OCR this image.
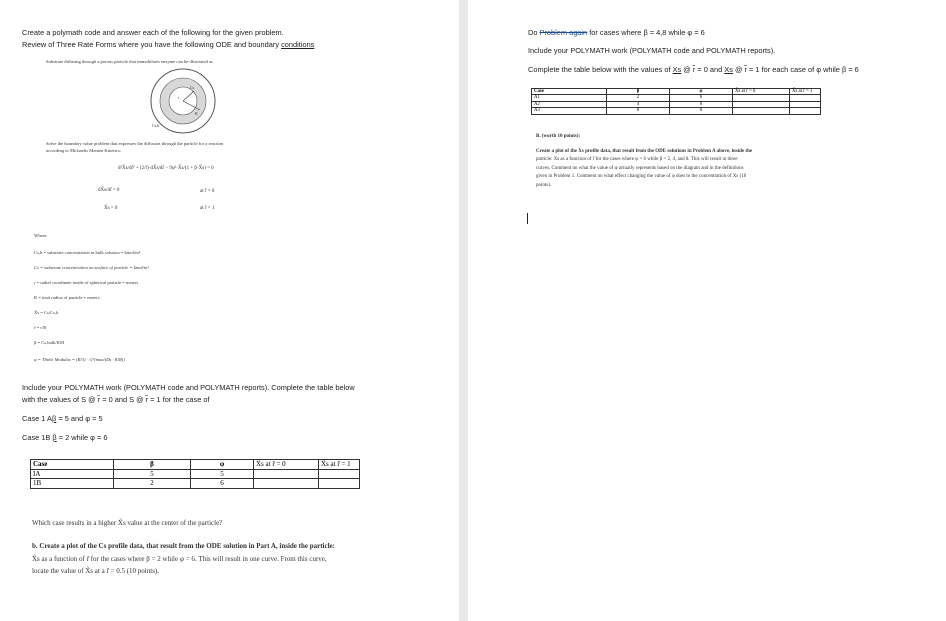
Create a polymath code and answer each of the following for the given problem.
Review of Three Rate Forms where you have the following ODE and boundary conditions
Substrate diffusing through a porous particle that immobilizes enzyme can be illustrated as
Cs
r
R
Cs,b
Solve the boundary value problem that expresses the diffusion through the particle for a reaction
according to Michaelis Menten Kinetics:
d²X̃s/dr̃² + (2/r̃)·dX̃s/dr̃ − 9φ²·X̃s/(1 + β·X̃s) = 0
dX̃s/dr̃ = 0	at r̃ = 0
X̃s = 0	at r̃ = 1
Where:
Cs,b = substrate concentration in bulk solution = kmol/m³
Cs = substrate concentration on surface of particle = kmol/m³
r = radial coordinate inside of spherical particle = meters
R = total radius of particle = meters
X̃s = Cs/Cs,b
r̃ = r/R
β = Cs,bulk/KM
φ = Thiele Modulus = (R/3) · √(Vmax/(Ds · KM))
Include your POLYMATH work (POLYMATH code and POLYMATH reports). Complete the table below
with the values of S @ r̃ = 0 and S @ r̃ = 1 for the case of
Case 1 Aβ = 5 and φ = 5
Case 1B β = 2 while φ = 6
Case	β	φ	X̃s at r̃ = 0	X̃s at r̃ = 1
IA	5	5		
1B	2	6		
Which case results in a higher X̃s value at the center of the particle?
b. Create a plot of the Cs profile data, that result from the ODE solution in Part A, inside the particle:
X̃s as a function of r̃ for the cases where β = 2 while φ = 6. This will result in one curve. From this curve,
locate the value of X̃s at a r̃ = 0.5 (10 points).
Do Problem again for cases where β = 4,8 while φ = 6
Include your POLYMATH work (POLYMATH code and POLYMATH reports).
Complete the table below with the values of Xs @ r̃ = 0 and Xs @ r̃ = 1 for each case of φ while β = 6
Case	β	φ	X̃s at r̃ = 0	X̃s at r̃ = 1
A1	2	6		
A2	4	6		
A3	8	6		
B. (worth 10 points):
Create a plot of the Xs profile data, that result from the ODE solutions in Problem A above, inside the
particle: Xs as a function of r̃ for the cases where φ = 6 while β = 2, 4, and 8. This will result in three
curves. Comment on what the value of φ actually represents based on the diagram and in the definitions
given in Problem 1. Comment on what effect changing the value of φ does to the concentration of Xs (10
points).
